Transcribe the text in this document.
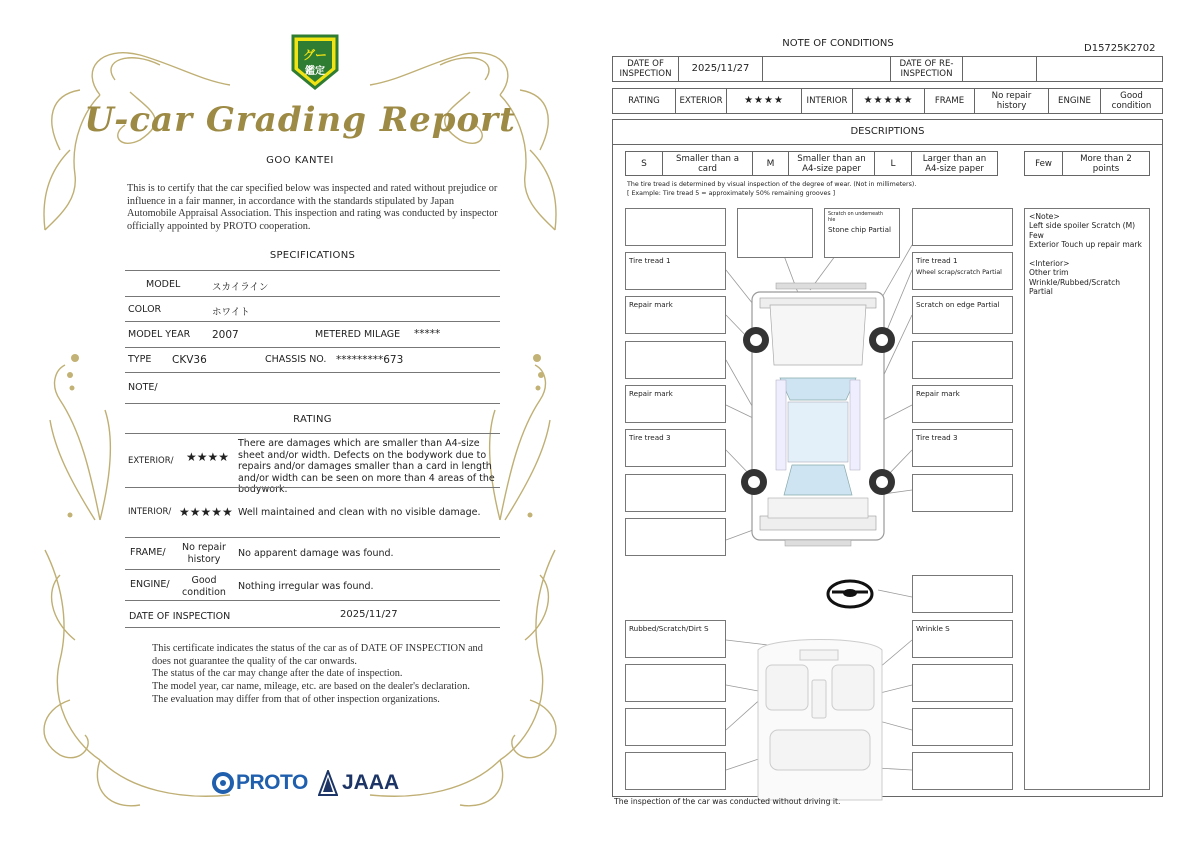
グー
鑑定
U-car Grading Report
GOO KANTEI
This is to certify that the car specified below was inspected and rated without prejudice or influence in a fair manner, in accordance with the standards stipulated by Japan Automobile Appraisal Association. This inspection and rating was conducted by inspector officially appointed by PROTO cooperation.
SPECIFICATIONS
MODEL	スカイライン
COLOR	ホワイト
MODEL YEAR 2007	METERED MILAGE *****
TYPE CKV36	CHASSIS NO. *********673
NOTE/
RATING
EXTERIOR/ ★★★★
There are damages which are smaller than A4-size sheet and/or width. Defects on the bodywork due to repairs and/or damages smaller than a card in length and/or width can be seen on more than 4 areas of the bodywork.
INTERIOR/ ★★★★★ Well maintained and clean with no visible damage.
FRAME/	No repair history	No apparent damage was found.
ENGINE/	Good condition	Nothing irregular was found.
DATE OF INSPECTION	2025/11/27
This certificate indicates the status of the car as of DATE OF INSPECTION and does not guarantee the quality of the car onwards.
The status of the car may change after the date of inspection.
The model year, car name, mileage, etc. are based on the dealer's declaration.
The evaluation may differ from that of other inspection organizations.
PROTO JAAA
NOTE OF CONDITIONS	D15725K2702
DATE OF INSPECTION	2025/11/27	DATE OF RE-INSPECTION
RATING	EXTERIOR	★★★★	INTERIOR	★★★★★	FRAME	No repair history	ENGINE	Good condition
DESCRIPTIONS
S	Smaller than a card	M	Smaller than an A4-size paper	L	Larger than an A4-size paper	Few	More than 2 points
The tire tread is determined by visual inspection of the degree of wear. (Not in millimeters).
[ Example: Tire tread 5 = approximately 50% remaining grooves ]
Tire tread 1
Repair mark
Repair mark
Tire tread 3
Rubbed/Scratch/Dirt S
Scratch on underneath
hie
Stone chip Partial
Tire tread 1
Wheel scrap/scratch Partial
Scratch on edge Partial
Repair mark
Tire tread 3
Wrinkle S
<Note>
Left side spoiler Scratch (M)
Few
Exterior Touch up repair mark
<Interior>
Other trim
Wrinkle/Rubbed/Scratch
Partial
The inspection of the car was conducted without driving it.
